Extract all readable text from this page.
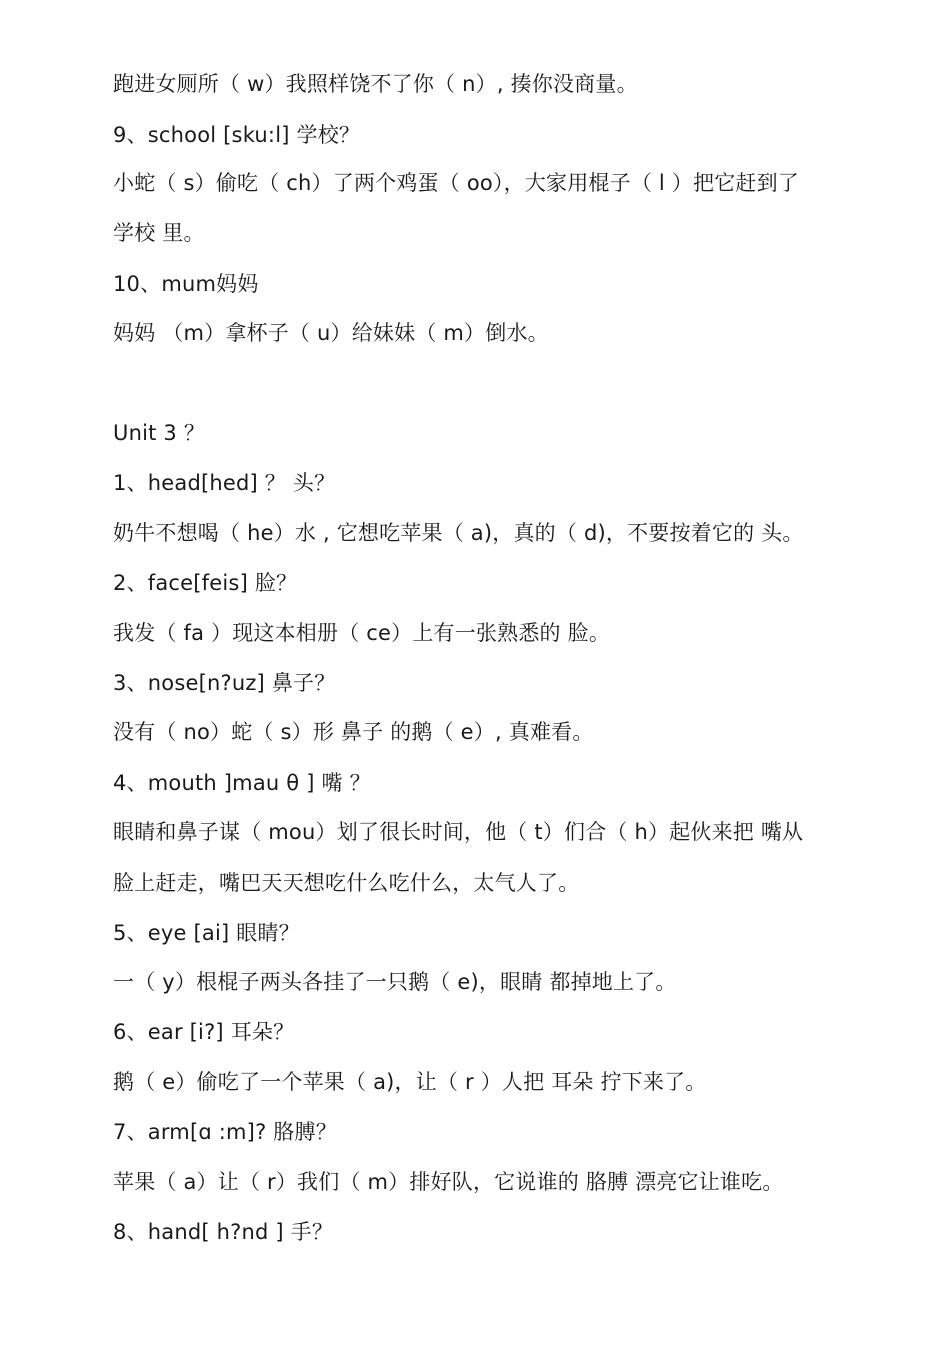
跑进女厕所（ w）我照样饶不了你（ n）, 揍你没商量。
9、school [sku:l] 学校？
小蛇（ s）偷吃（ ch）了两个鸡蛋（ oo），大家用棍子（ l ）把它赶到了
学校 里。
10、mum妈妈
妈妈 （m）拿杯子（ u）给妹妹（ m）倒水。
Unit 3 ？
1、head[hed] ？ 头？
奶牛不想喝（ he）水 , 它想吃苹果（ a)，真的（ d)，不要按着它的 头。
2、face[feis] 脸？
我发（ fa ）现这本相册（ ce）上有一张熟悉的 脸。
3、nose[n?uz] 鼻子？
没有（ no）蛇（ s）形 鼻子 的鹅（ e）, 真难看。
4、mouth ]mau θ ] 嘴 ？
眼睛和鼻子谋（ mou）划了很长时间，他（ t）们合（ h）起伙来把 嘴从
脸上赶走，嘴巴天天想吃什么吃什么，太气人了。
5、eye [ai] 眼睛？
一（ y）根棍子两头各挂了一只鹅（ e)，眼睛 都掉地上了。
6、ear [i?] 耳朵？
鹅（ e）偷吃了一个苹果（ a)，让（ r ）人把 耳朵 拧下来了。
7、arm[ɑ :m]? 胳膊？
苹果（ a）让（ r）我们（ m）排好队，它说谁的 胳膊 漂亮它让谁吃。
8、hand[ h?nd ] 手？
